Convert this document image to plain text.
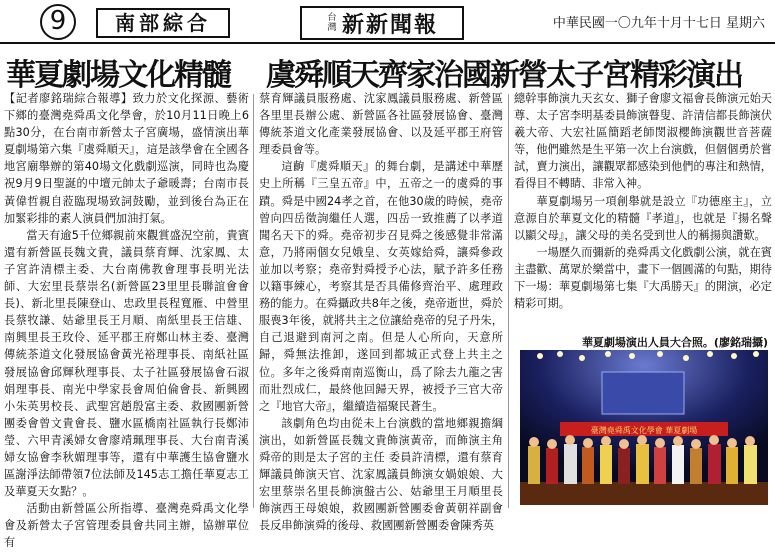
9	南部綜合	台灣 新新聞報	中華民國一〇九年十月十七日 星期六
華夏劇場文化精髓 虞舜順天齊家治國新營太子宮精彩演出

【記者廖銘瑞綜合報導】致力於文化探源、藝術下鄉的臺灣堯舜禹文化學會，於10月11日晚上6點30分，在台南市新營太子宮廣場，盛情演出華夏劇場第六集『虞舜順天』，這是該學會在全國各地宮廟舉辦的第40場文化戲劇巡演，同時也為慶祝9月9日聖誕的中壇元帥太子爺暖壽；台南市長黃偉哲親自蒞臨現場致詞鼓勵，並到後台為正在加緊彩排的素人演員們加油打氣。

當天有逾5千位鄉親前來觀賞盛況空前，貴賓還有新營區長魏文貴，議員蔡育輝、沈家鳳、太子宮許清標主委、大台南佛教會理事長明光法師、大宏里長蔡崇名(新營區23里里長聯誼會會長)、新北里長陳登山、忠政里長程寬雁、中營里長蔡牧謙、姑爺里長王月順、南紙里長王信雄、南興里長王玫伶、延平郡王府鄭山林主委、臺灣傳統茶道文化發展協會黃光裕理事長、南紙社區發展協會邱輝秋理事長、太子社區發展協會石淑娟理事長、南光中學家長會周伯倫會長、新興國小朱英男校長、武聖宮趙殷富主委、救國團新營團委會曾文貴會長、鹽水區橋南社區執行長鄭沛瑩、六甲青溪婦女會廖靖珮理事長、大台南青溪婦女協會李秋媚理事等，還有中華護生協會鹽水區謝淨法師帶領7位法師及145志工擔任華夏志工及華夏天女點？。

活動由新營區公所指導、臺灣堯舜禹文化學會及新營太子宮管理委員會共同主辦，協辦單位有

蔡育輝議員服務處、沈家鳳議員服務處、新營區各里里長辦公處、新營區各社區發展協會、臺灣傳統茶道文化產業發展協會、以及延平郡王府管理委員會等。

這齣『虞舜順天』的舞台劇，是講述中華歷史上所稱『三皇五帝』中，五帝之一的虞舜的事蹟。舜是中國24孝之首，在他30歲的時候，堯帝曾向四岳徵詢繼任人選，四岳一致推薦了以孝道聞名天下的舜。堯帝初步召見舜之後感覺非常滿意，乃將兩個女兒娥皇、女英嫁給舜，讓舜參政並加以考察；堯帝對舜授予心法，賦予許多任務以籍事練心，考察其是否具備修齊治平、處理政務的能力。在舜攝政共8年之後，堯帝逝世，舜於服喪3年後，就將共主之位讓給堯帝的兒子丹朱，自己退避到南河之南。但是人心所向，天意所歸，舜無法推卸，遂回到都城正式登上共主之位。多年之後舜南南巡衡山，爲了除去九龍之害而壯烈成仁，最終他回歸天界，被授予三官大帝之『地官大帝』，繼續造福聚民蒼生。

該劇角色均由從未上台演戲的當地鄉親擔綱演出，如新營區長魏文貴飾演黃帝，而飾演主角舜帝的則是太子宮的主任 委員許清標，還有蔡育輝議員飾演天官、沈家鳳議員飾演女媧娘娘、大宏里蔡崇名里長飾演盤古公、姑爺里王月順里長飾演西王母娘娘，救國團新營團委會黃朝祥副會長反串飾演舜的後母、救國團新營團委會陳秀英

總幹事飾演九天玄女、獅子會廖文福會長飾演元始天尊、太子宮李明基委員飾演瞽叟、許清信都長飾演伏羲大帝、大宏社區簡蹈老師閔淑櫻飾演觀世音菩薩等，他們雖然是生平第一次上台演戲，但個個勇於嘗試，賣力演出，讓觀眾都感染到他們的專注和熱情，看得目不轉睛、非常入神。

華夏劇場另一項創舉就是設立『功德座主』，立意源自於華夏文化的精髓『孝道』，也就是『揚名聲以顯父母』，讓父母的美名受到世人的稱揚與讚歎。

一場歷久而彌新的堯舜禹文化戲劇公演，就在賓主盡歡、萬眾於樂當中，畫下一個圓滿的句點，期待下一場：華夏劇場第七集『大禹勝天』的開演，必定精彩可期。

華夏劇場演出人員大合照。(廖銘瑞攝)
臺灣堯舜禹文化學會 華夏劇場
